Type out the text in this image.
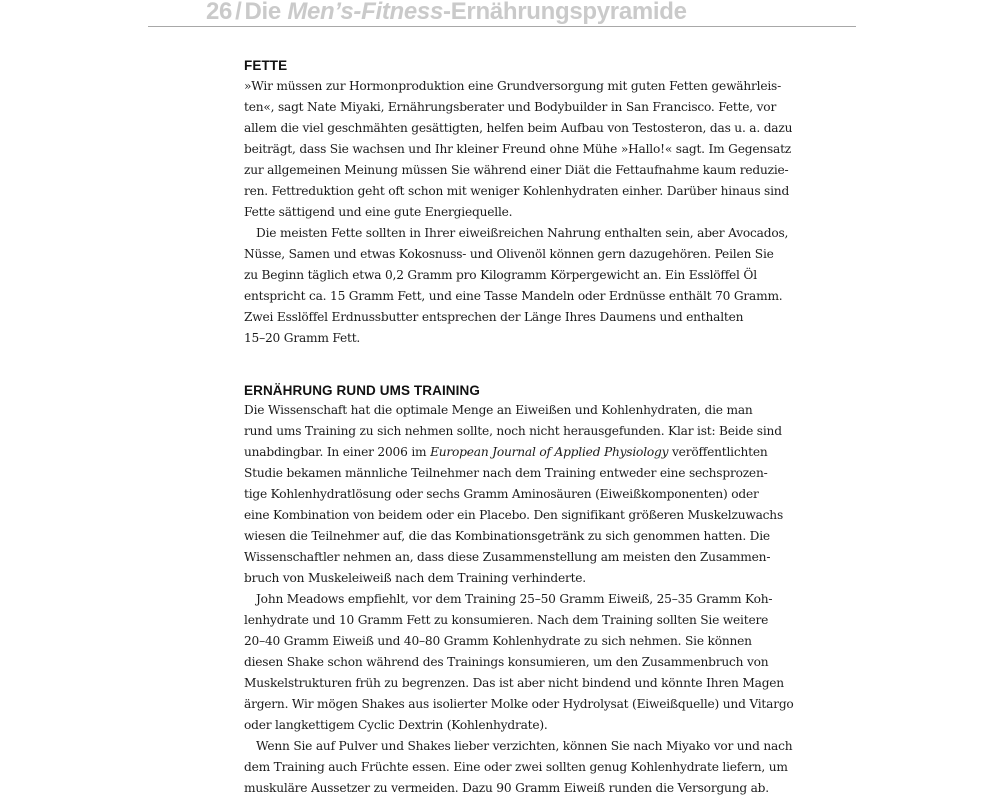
26 / Die Men’s-Fitness-Ernährungspyramide
FETTE

»Wir müssen zur Hormonproduktion eine Grundversorgung mit guten Fetten gewährleis-
ten«, sagt Nate Miyaki, Ernährungsberater und Bodybuilder in San Francisco. Fette, vor
allem die viel geschmähten gesättigten, helfen beim Aufbau von Testosteron, das u. a. dazu
beiträgt, dass Sie wachsen und Ihr kleiner Freund ohne Mühe »Hallo!« sagt. Im Gegensatz
zur allgemeinen Meinung müssen Sie während einer Diät die Fettaufnahme kaum reduzie-
ren. Fettreduktion geht oft schon mit weniger Kohlenhydraten einher. Darüber hinaus sind
Fette sättigend und eine gute Energiequelle.

Die meisten Fette sollten in Ihrer eiweißreichen Nahrung enthalten sein, aber Avocados,
Nüsse, Samen und etwas Kokosnuss- und Olivenöl können gern dazugehören. Peilen Sie
zu Beginn täglich etwa 0,2 Gramm pro Kilogramm Körpergewicht an. Ein Esslöffel Öl
entspricht ca. 15 Gramm Fett, und eine Tasse Mandeln oder Erdnüsse enthält 70 Gramm.
Zwei Esslöffel Erdnussbutter entsprechen der Länge Ihres Daumens und enthalten
15–20 Gramm Fett.

ERNÄHRUNG RUND UMS TRAINING

Die Wissenschaft hat die optimale Menge an Eiweißen und Kohlenhydraten, die man
rund ums Training zu sich nehmen sollte, noch nicht herausgefunden. Klar ist: Beide sind
unabdingbar. In einer 2006 im European Journal of Applied Physiology veröffentlichten
Studie bekamen männliche Teilnehmer nach dem Training entweder eine sechsprozen-
tige Kohlenhydratlösung oder sechs Gramm Aminosäuren (Eiweißkomponenten) oder
eine Kombination von beidem oder ein Placebo. Den signifikant größeren Muskelzuwachs
wiesen die Teilnehmer auf, die das Kombinationsgetränk zu sich genommen hatten. Die
Wissenschaftler nehmen an, dass diese Zusammenstellung am meisten den Zusammen-
bruch von Muskeleiweiß nach dem Training verhinderte.

John Meadows empfiehlt, vor dem Training 25–50 Gramm Eiweiß, 25–35 Gramm Koh-
lenhydrate und 10 Gramm Fett zu konsumieren. Nach dem Training sollten Sie weitere
20–40 Gramm Eiweiß und 40–80 Gramm Kohlenhydrate zu sich nehmen. Sie können
diesen Shake schon während des Trainings konsumieren, um den Zusammenbruch von
Muskelstrukturen früh zu begrenzen. Das ist aber nicht bindend und könnte Ihren Magen
ärgern. Wir mögen Shakes aus isolierter Molke oder Hydrolysat (Eiweißquelle) und Vitargo
oder langkettigem Cyclic Dextrin (Kohlenhydrate).

Wenn Sie auf Pulver und Shakes lieber verzichten, können Sie nach Miyako vor und nach
dem Training auch Früchte essen. Eine oder zwei sollten genug Kohlenhydrate liefern, um
muskuläre Aussetzer zu vermeiden. Dazu 90 Gramm Eiweiß runden die Versorgung ab.
